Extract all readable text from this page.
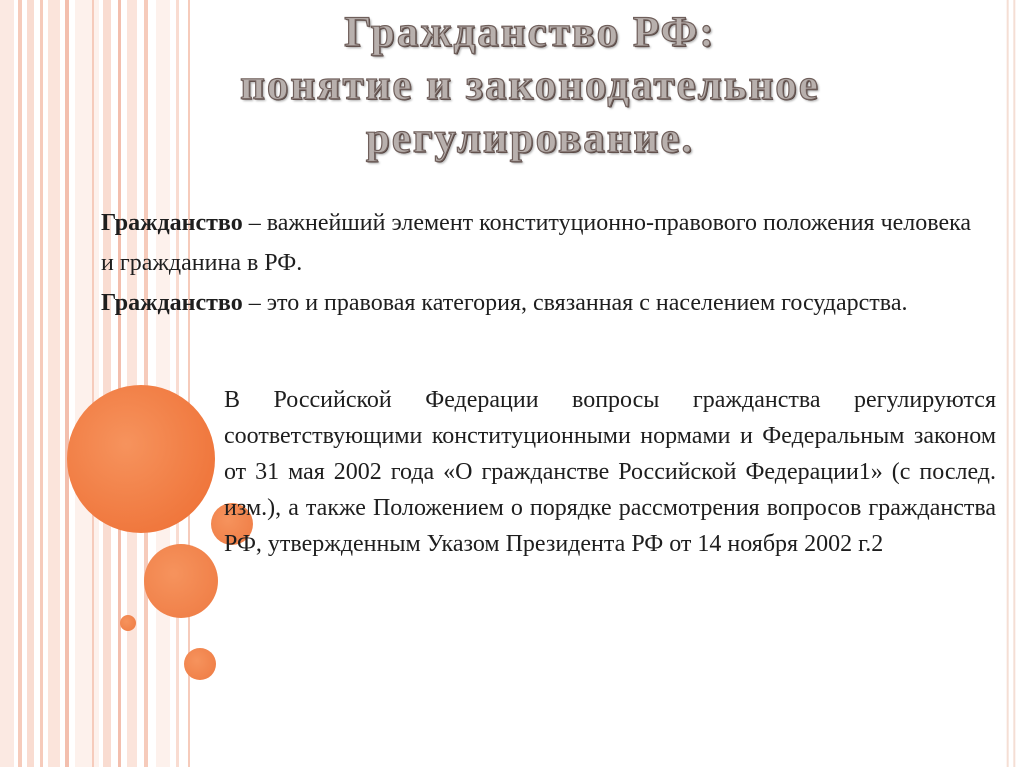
Гражданство РФ:
понятие и законодательное
регулирование.

Гражданство – важнейший элемент конституционно-правового положения человека и гражданина в РФ.

Гражданство – это и правовая категория, связанная с населением государства.

В Российской Федерации вопросы гражданства регулируются соответствующими конституционными нормами и Федеральным законом от 31 мая 2002 года «О гражданстве Российской Федерации1» (с послед. изм.), а также Положением о порядке рассмотрения вопросов гражданства РФ, утвержденным Указом Президента РФ от 14 ноября 2002 г.2
